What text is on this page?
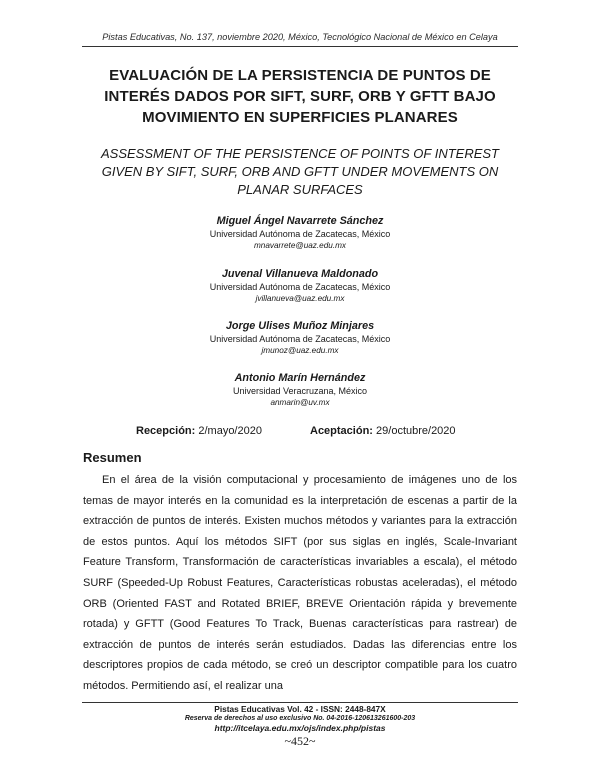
Pistas Educativas, No. 137, noviembre 2020, México, Tecnológico Nacional de México en Celaya
EVALUACIÓN DE LA PERSISTENCIA DE PUNTOS DE
INTERÉS DADOS POR SIFT, SURF, ORB Y GFTT BAJO
MOVIMIENTO EN SUPERFICIES PLANARES
ASSESSMENT OF THE PERSISTENCE OF POINTS OF INTEREST
GIVEN BY SIFT, SURF, ORB AND GFTT UNDER MOVEMENTS ON
PLANAR SURFACES
Miguel Ángel Navarrete Sánchez
Universidad Autónoma de Zacatecas, México
mnavarrete@uaz.edu.mx
Juvenal Villanueva Maldonado
Universidad Autónoma de Zacatecas, México
jvillanueva@uaz.edu.mx
Jorge Ulises Muñoz Minjares
Universidad Autónoma de Zacatecas, México
jmunoz@uaz.edu.mx
Antonio Marín Hernández
Universidad Veracruzana, México
anmarin@uv.mx
Recepción: 2/mayo/2020	Aceptación: 29/octubre/2020
Resumen

En el área de la visión computacional y procesamiento de imágenes uno de los temas de mayor interés en la comunidad es la interpretación de escenas a partir de la extracción de puntos de interés. Existen muchos métodos y variantes para la extracción de estos puntos. Aquí los métodos SIFT (por sus siglas en inglés, Scale-Invariant Feature Transform, Transformación de características invariables a escala), el método SURF (Speeded-Up Robust Features, Características robustas aceleradas), el método ORB (Oriented FAST and Rotated BRIEF, BREVE Orientación rápida y brevemente rotada) y GFTT (Good Features To Track, Buenas características para rastrear) de extracción de puntos de interés serán estudiados. Dadas las diferencias entre los descriptores propios de cada método, se creó un descriptor compatible para los cuatro métodos. Permitiendo así, el realizar una

Pistas Educativas Vol. 42 - ISSN: 2448-847X
Reserva de derechos al uso exclusivo No. 04-2016-120613261600-203
http://itcelaya.edu.mx/ojs/index.php/pistas
~452~
